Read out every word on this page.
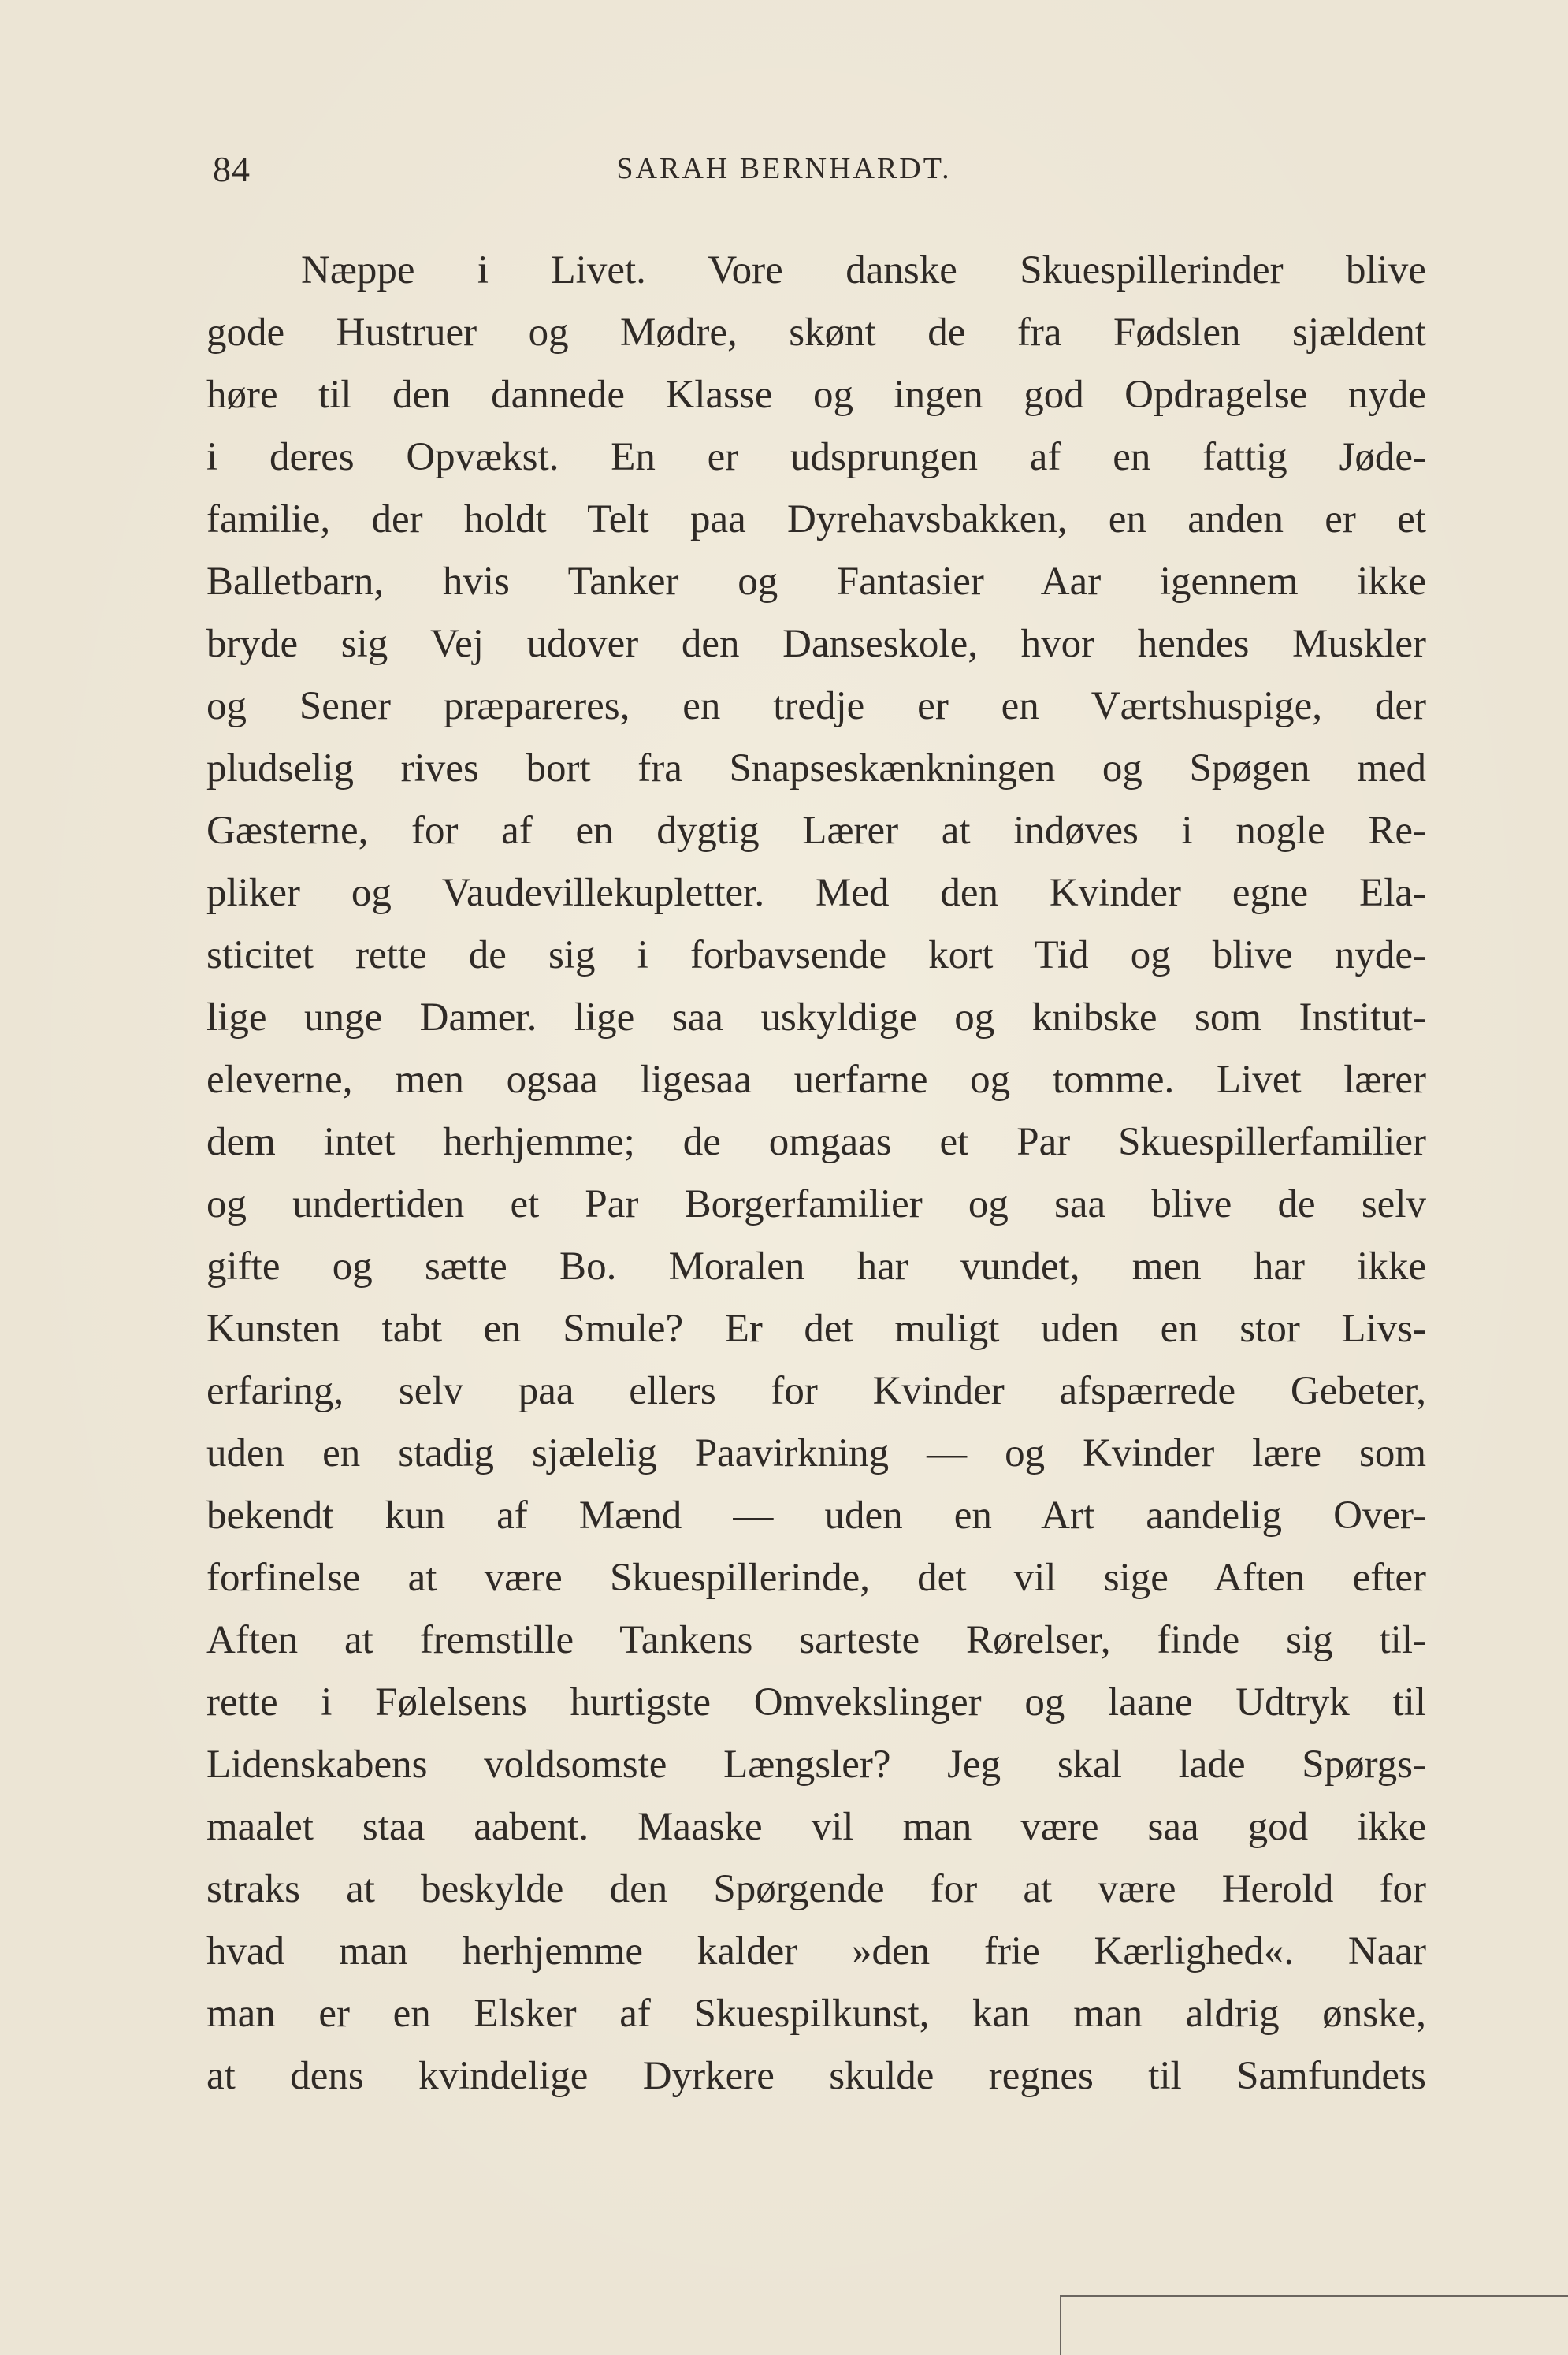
84	SARAH BERNHARDT.
Næppe i Livet. Vore danske Skuespillerinder blive
gode Hustruer og Mødre, skønt de fra Fødslen sjældent
høre til den dannede Klasse og ingen god Opdragelse nyde
i deres Opvækst. En er udsprungen af en fattig Jøde-
familie, der holdt Telt paa Dyrehavsbakken, en anden er et
Balletbarn, hvis Tanker og Fantasier Aar igennem ikke
bryde sig Vej udover den Danseskole, hvor hendes Muskler
og Sener præpareres, en tredje er en Værtshuspige, der
pludselig rives bort fra Snapseskænkningen og Spøgen med
Gæsterne, for af en dygtig Lærer at indøves i nogle Re-
pliker og Vaudevillekupletter. Med den Kvinder egne Ela-
sticitet rette de sig i forbavsende kort Tid og blive nyde-
lige unge Damer. lige saa uskyldige og knibske som Institut-
eleverne, men ogsaa ligesaa uerfarne og tomme. Livet lærer
dem intet herhjemme; de omgaas et Par Skuespillerfamilier
og undertiden et Par Borgerfamilier og saa blive de selv
gifte og sætte Bo. Moralen har vundet, men har ikke
Kunsten tabt en Smule? Er det muligt uden en stor Livs-
erfaring, selv paa ellers for Kvinder afspærrede Gebeter,
uden en stadig sjælelig Paavirkning — og Kvinder lære som
bekendt kun af Mænd — uden en Art aandelig Over-
forfinelse at være Skuespillerinde, det vil sige Aften efter
Aften at fremstille Tankens sarteste Rørelser, finde sig til-
rette i Følelsens hurtigste Omvekslinger og laane Udtryk til
Lidenskabens voldsomste Længsler? Jeg skal lade Spørgs-
maalet staa aabent. Maaske vil man være saa god ikke
straks at beskylde den Spørgende for at være Herold for
hvad man herhjemme kalder »den frie Kærlighed«. Naar
man er en Elsker af Skuespilkunst, kan man aldrig ønske,
at dens kvindelige Dyrkere skulde regnes til Samfundets
